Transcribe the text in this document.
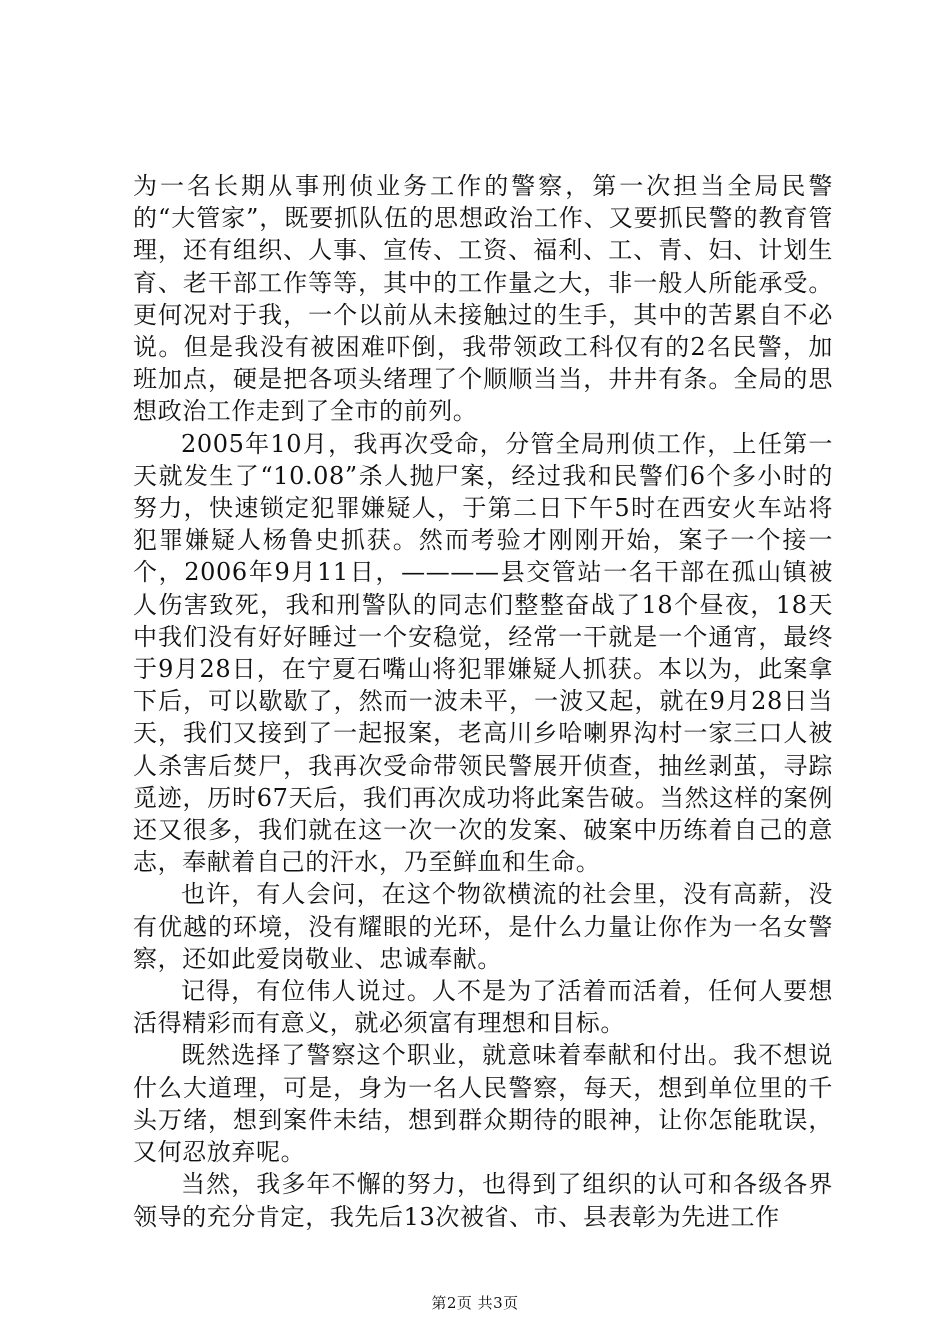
为一名长期从事刑侦业务工作的警察，第一次担当全局民警的“大管家”，既要抓队伍的思想政治工作、又要抓民警的教育管理，还有组织、人事、宣传、工资、福利、工、青、妇、计划生育、老干部工作等等，其中的工作量之大，非一般人所能承受。更何况对于我，一个以前从未接触过的生手，其中的苦累自不必说。但是我没有被困难吓倒，我带领政工科仅有的2名民警，加班加点，硬是把各项头绪理了个顺顺当当，井井有条。全局的思想政治工作走到了全市的前列。

2005年10月，我再次受命，分管全局刑侦工作，上任第一天就发生了“10.08”杀人抛尸案，经过我和民警们6个多小时的努力，快速锁定犯罪嫌疑人，于第二日下午5时在西安火车站将犯罪嫌疑人杨鲁史抓获。然而考验才刚刚开始，案子一个接一个，2006年9月11日，————县交管站一名干部在孤山镇被人伤害致死，我和刑警队的同志们整整奋战了18个昼夜，18天中我们没有好好睡过一个安稳觉，经常一干就是一个通宵，最终于9月28日，在宁夏石嘴山将犯罪嫌疑人抓获。本以为，此案拿下后，可以歇歇了，然而一波未平，一波又起，就在9月28日当天，我们又接到了一起报案，老高川乡哈喇界沟村一家三口人被人杀害后焚尸，我再次受命带领民警展开侦查，抽丝剥茧，寻踪觅迹，历时67天后，我们再次成功将此案告破。当然这样的案例还又很多，我们就在这一次一次的发案、破案中历练着自己的意志，奉献着自己的汗水，乃至鲜血和生命。

也许，有人会问，在这个物欲横流的社会里，没有高薪，没有优越的环境，没有耀眼的光环，是什么力量让你作为一名女警察，还如此爱岗敬业、忠诚奉献。

记得，有位伟人说过。人不是为了活着而活着，任何人要想活得精彩而有意义，就必须富有理想和目标。

既然选择了警察这个职业，就意味着奉献和付出。我不想说什么大道理，可是，身为一名人民警察，每天，想到单位里的千头万绪，想到案件未结，想到群众期待的眼神，让你怎能耽误，又何忍放弃呢。

当然，我多年不懈的努力，也得到了组织的认可和各级各界领导的充分肯定，我先后13次被省、市、县表彰为先进工作

第2页 共3页
